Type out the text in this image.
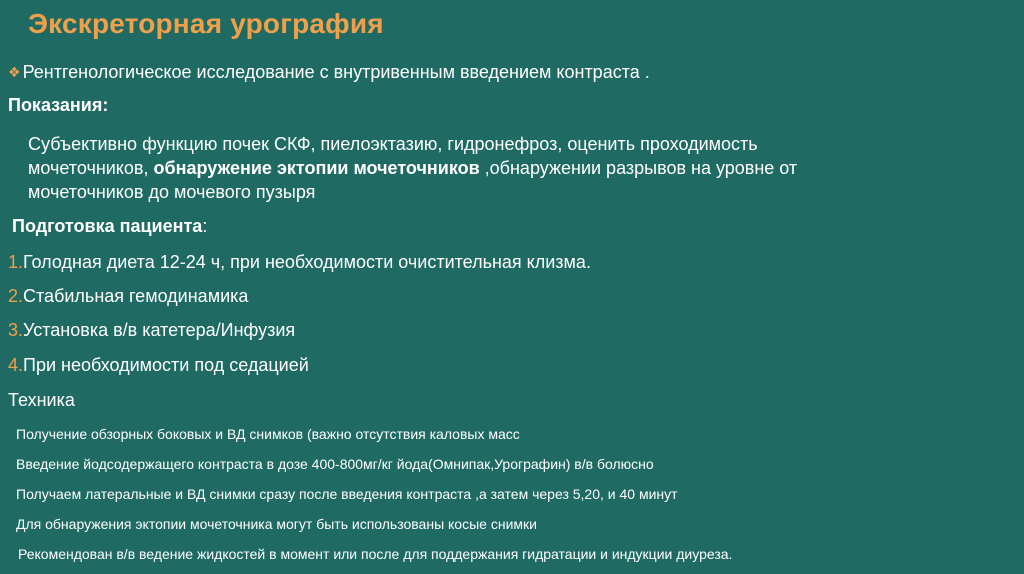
Экскреторная урография
❖ Рентгенологическое исследование с внутривенным введением контраста .
Показания:
Субъективно функцию почек СКФ, пиелоэктазию, гидронефроз, оценить проходимость
мочеточников, обнаружение эктопии мочеточников ,обнаружении разрывов на уровне от
мочеточников до мочевого пузыря
Подготовка пациента:
1.Голодная диета 12-24 ч, при необходимости очистительная клизма.
2.Стабильная гемодинамика
3.Установка в/в катетера/Инфузия
4.При необходимости под седацией
Техника
Получение обзорных боковых и ВД снимков (важно отсутствия каловых масс
Введение йодсодержащего контраста в дозе 400-800мг/кг йода(Омнипак,Урографин) в/в болюсно
Получаем латеральные и ВД снимки сразу после введения контраста ,а затем через 5,20, и 40 минут
Для обнаружения эктопии мочеточника могут быть использованы косые снимки
Рекомендован в/в ведение жидкостей в момент или после для поддержания гидратации и индукции диуреза.
